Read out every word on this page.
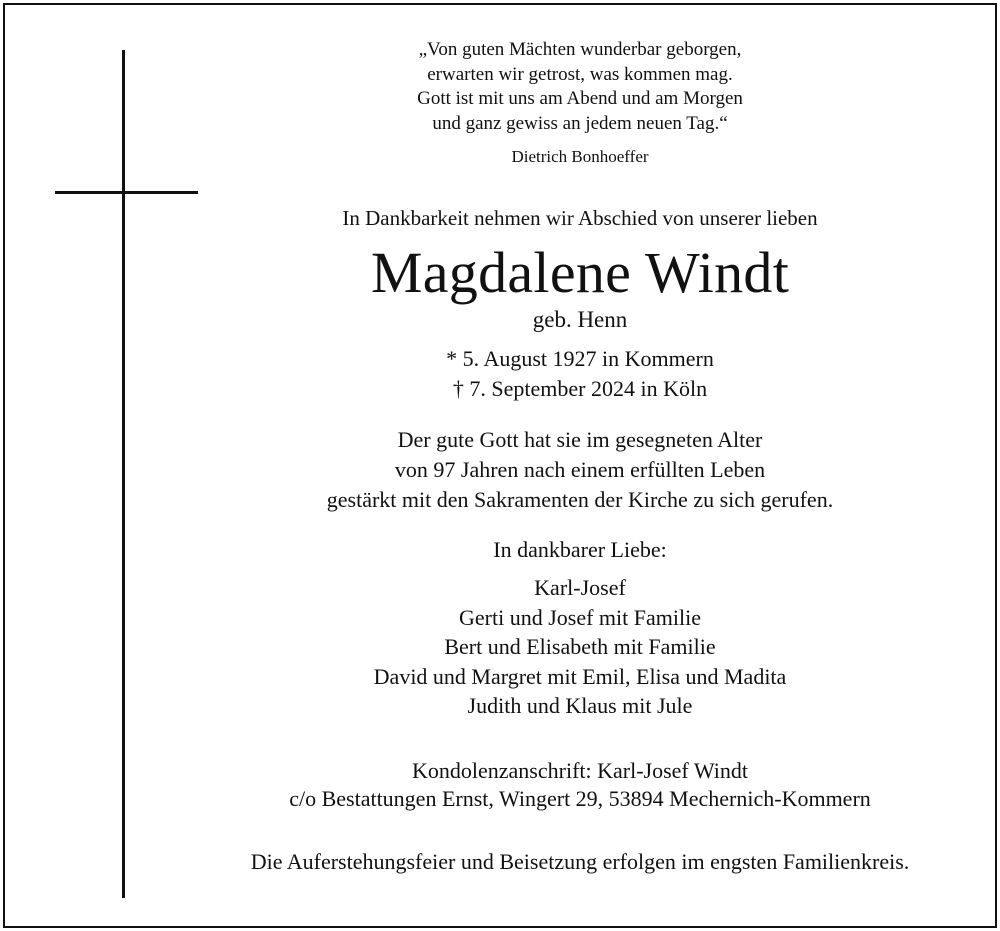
„Von guten Mächten wunderbar geborgen,
erwarten wir getrost, was kommen mag.
Gott ist mit uns am Abend und am Morgen
und ganz gewiss an jedem neuen Tag.“
Dietrich Bonhoeffer
In Dankbarkeit nehmen wir Abschied von unserer lieben
Magdalene Windt
geb. Henn
* 5. August 1927 in Kommern
† 7. September 2024 in Köln
Der gute Gott hat sie im gesegneten Alter
von 97 Jahren nach einem erfüllten Leben
gestärkt mit den Sakramenten der Kirche zu sich gerufen.
In dankbarer Liebe:
Karl-Josef
Gerti und Josef mit Familie
Bert und Elisabeth mit Familie
David und Margret mit Emil, Elisa und Madita
Judith und Klaus mit Jule
Kondolenzanschrift: Karl-Josef Windt
c/o Bestattungen Ernst, Wingert 29, 53894 Mechernich-Kommern
Die Auferstehungsfeier und Beisetzung erfolgen im engsten Familienkreis.
